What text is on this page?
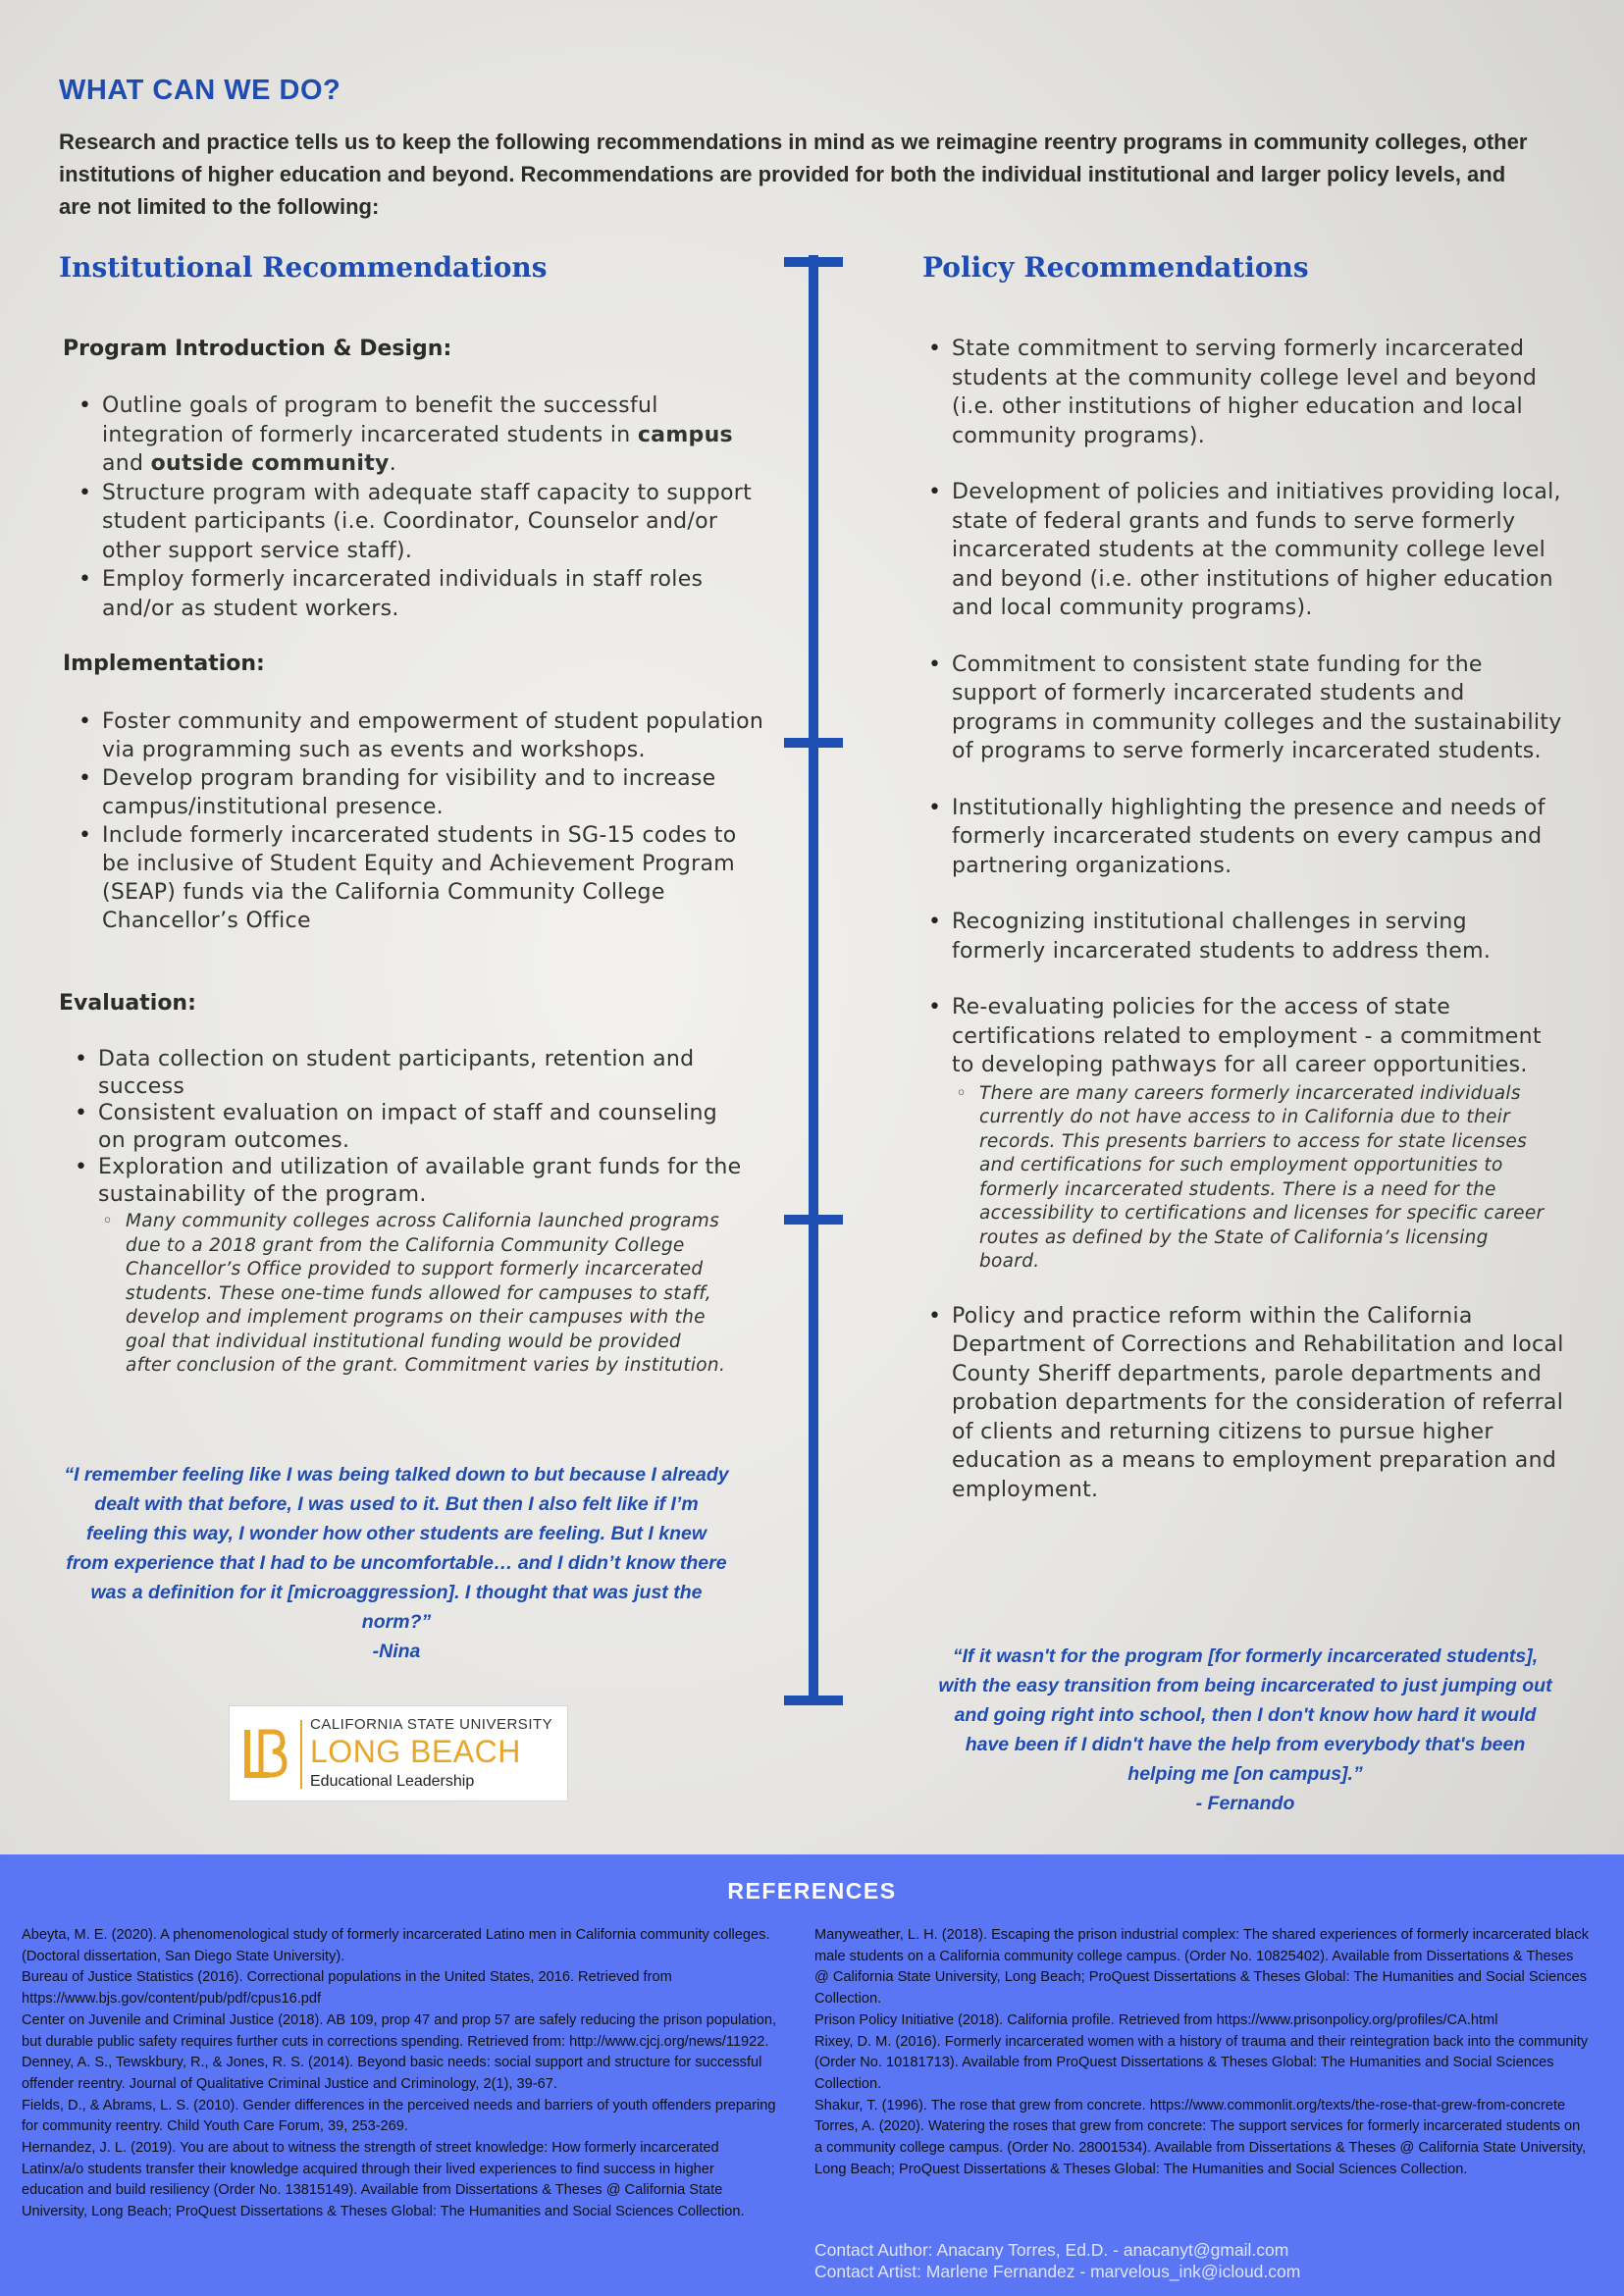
WHAT CAN WE DO?

Research and practice tells us to keep the following recommendations in mind as we reimagine reentry programs in community colleges, other institutions of higher education and beyond. Recommendations are provided for both the individual institutional and larger policy levels, and are not limited to the following:

Institutional Recommendations
Program Introduction & Design:
• Outline goals of program to benefit the successful integration of formerly incarcerated students in campus and outside community.
• Structure program with adequate staff capacity to support student participants (i.e. Coordinator, Counselor and/or other support service staff).
• Employ formerly incarcerated individuals in staff roles and/or as student workers.
Implementation:
• Foster community and empowerment of student population via programming such as events and workshops.
• Develop program branding for visibility and to increase campus/institutional presence.
• Include formerly incarcerated students in SG-15 codes to be inclusive of Student Equity and Achievement Program (SEAP) funds via the California Community College Chancellor’s Office
Evaluation:
• Data collection on student participants, retention and success
• Consistent evaluation on impact of staff and counseling on program outcomes.
• Exploration and utilization of available grant funds for the sustainability of the program.
◦ Many community colleges across California launched programs due to a 2018 grant from the California Community College Chancellor’s Office provided to support formerly incarcerated students. These one-time funds allowed for campuses to staff, develop and implement programs on their campuses with the goal that individual institutional funding would be provided after conclusion of the grant. Commitment varies by institution.
“I remember feeling like I was being talked down to but because I already dealt with that before, I was used to it. But then I also felt like if I’m feeling this way, I wonder how other students are feeling. But I knew from experience that I had to be uncomfortable… and I didn’t know there was a definition for it [microaggression]. I thought that was just the norm?”
-Nina
Policy Recommendations
• State commitment to serving formerly incarcerated students at the community college level and beyond (i.e. other institutions of higher education and local community programs).
• Development of policies and initiatives providing local, state of federal grants and funds to serve formerly incarcerated students at the community college level and beyond (i.e. other institutions of higher education and local community programs).
• Commitment to consistent state funding for the support of formerly incarcerated students and programs in community colleges and the sustainability of programs to serve formerly incarcerated students.
• Institutionally highlighting the presence and needs of formerly incarcerated students on every campus and partnering organizations.
• Recognizing institutional challenges in serving formerly incarcerated students to address them.
• Re-evaluating policies for the access of state certifications related to employment - a commitment to developing pathways for all career opportunities.
◦ There are many careers formerly incarcerated individuals currently do not have access to in California due to their records. This presents barriers to access for state licenses and certifications for such employment opportunities to formerly incarcerated students. There is a need for the accessibility to certifications and licenses for specific career routes as defined by the State of California’s licensing board.
• Policy and practice reform within the California Department of Corrections and Rehabilitation and local County Sheriff departments, parole departments and probation departments for the consideration of referral of clients and returning citizens to pursue higher education as a means to employment preparation and employment.
“If it wasn't for the program [for formerly incarcerated students], with the easy transition from being incarcerated to just jumping out and going right into school, then I don't know how hard it would have been if I didn't have the help from everybody that's been helping me [on campus].”
- Fernando
CALIFORNIA STATE UNIVERSITY
LONG BEACH
Educational Leadership
REFERENCES

Abeyta, M. E. (2020). A phenomenological study of formerly incarcerated Latino men in California community colleges. (Doctoral dissertation, San Diego State University).

Bureau of Justice Statistics (2016). Correctional populations in the United States, 2016. Retrieved from https://www.bjs.gov/content/pub/pdf/cpus16.pdf

Center on Juvenile and Criminal Justice (2018). AB 109, prop 47 and prop 57 are safely reducing the prison population, but durable public safety requires further cuts in corrections spending. Retrieved from: http://www.cjcj.org/news/11922.

Denney, A. S., Tewskbury, R., & Jones, R. S. (2014). Beyond basic needs: social support and structure for successful offender reentry. Journal of Qualitative Criminal Justice and Criminology, 2(1), 39-67.

Fields, D., & Abrams, L. S. (2010). Gender differences in the perceived needs and barriers of youth offenders preparing for community reentry. Child Youth Care Forum, 39, 253-269.

Hernandez, J. L. (2019). You are about to witness the strength of street knowledge: How formerly incarcerated Latinx/a/o students transfer their knowledge acquired through their lived experiences to find success in higher education and build resiliency (Order No. 13815149). Available from Dissertations & Theses @ California State University, Long Beach; ProQuest Dissertations & Theses Global: The Humanities and Social Sciences Collection.

Manyweather, L. H. (2018). Escaping the prison industrial complex: The shared experiences of formerly incarcerated black male students on a California community college campus. (Order No. 10825402). Available from Dissertations & Theses @ California State University, Long Beach; ProQuest Dissertations & Theses Global: The Humanities and Social Sciences Collection.

Prison Policy Initiative (2018). California profile. Retrieved from https://www.prisonpolicy.org/profiles/CA.html

Rixey, D. M. (2016). Formerly incarcerated women with a history of trauma and their reintegration back into the community (Order No. 10181713). Available from ProQuest Dissertations & Theses Global: The Humanities and Social Sciences Collection.

Shakur, T. (1996). The rose that grew from concrete. https://www.commonlit.org/texts/the-rose-that-grew-from-concrete

Torres, A. (2020). Watering the roses that grew from concrete: The support services for formerly incarcerated students on a community college campus. (Order No. 28001534). Available from Dissertations & Theses @ California State University, Long Beach; ProQuest Dissertations & Theses Global: The Humanities and Social Sciences Collection.

Contact Author: Anacany Torres, Ed.D. - anacanyt@gmail.com

Contact Artist: Marlene Fernandez - marvelous_ink@icloud.com
